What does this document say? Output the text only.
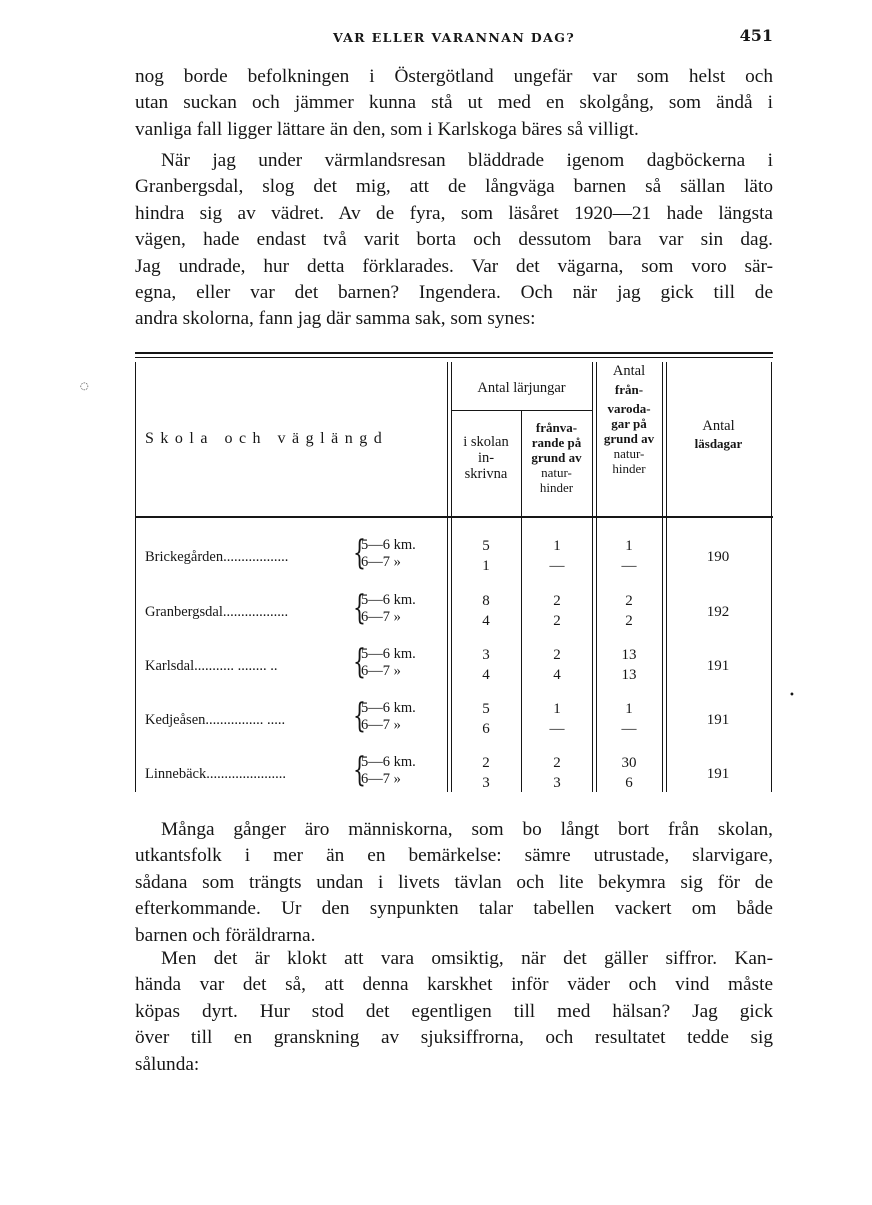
VAR ELLER VARANNAN DAG?	451
nog borde befolkningen i Östergötland ungefär var som helst och
utan suckan och jämmer kunna stå ut med en skolgång, som ändå i
vanliga fall ligger lättare än den, som i Karlskoga bäres så villigt.
När jag under värmlandsresan bläddrade igenom dagböckerna i
Granbergsdal, slog det mig, att de långväga barnen så sällan läto
hindra sig av vädret. Av de fyra, som läsåret 1920—21 hade längsta
vägen, hade endast två varit borta och dessutom bara var sin dag.
Jag undrade, hur detta förklarades. Var det vägarna, som voro sär-
egna, eller var det barnen? Ingendera. Och när jag gick till de
andra skolorna, fann jag där samma sak, som synes:
Skola och väglängd
Antal lärjungar
i skolan
in-
skrivna
frånva-
rande på
grund av
natur-
hinder
Antal
från-
varoda-
gar på
grund av
natur-
hinder
Antal
läsdagar
Brickegården.................. {
5—6 km.
6—7 »
5
1
1
—
1
—
190
Granbergsdal.................. {
5—6 km.
6—7 »
8
4
2
2
2
2
192
Karlsdal........... ........ .. {
5—6 km.
6—7 »
3
4
2
4
13
13
191
Kedjeåsen................ ..... {
5—6 km.
6—7 »
5
6
1
—
1
—
191
Linnebäck...................... {
5—6 km.
6—7 »
2
3
2
3
30
6
191
◌
•
Många gånger äro människorna, som bo långt bort från skolan,
utkantsfolk i mer än en bemärkelse: sämre utrustade, slarvigare,
sådana som trängts undan i livets tävlan och lite bekymra sig för de
efterkommande. Ur den synpunkten talar tabellen vackert om både
barnen och föräldrarna.
Men det är klokt att vara omsiktig, när det gäller siffror. Kan-
hända var det så, att denna karskhet inför väder och vind måste
köpas dyrt. Hur stod det egentligen till med hälsan? Jag gick
över till en granskning av sjuksiffrorna, och resultatet tedde sig
sålunda:
